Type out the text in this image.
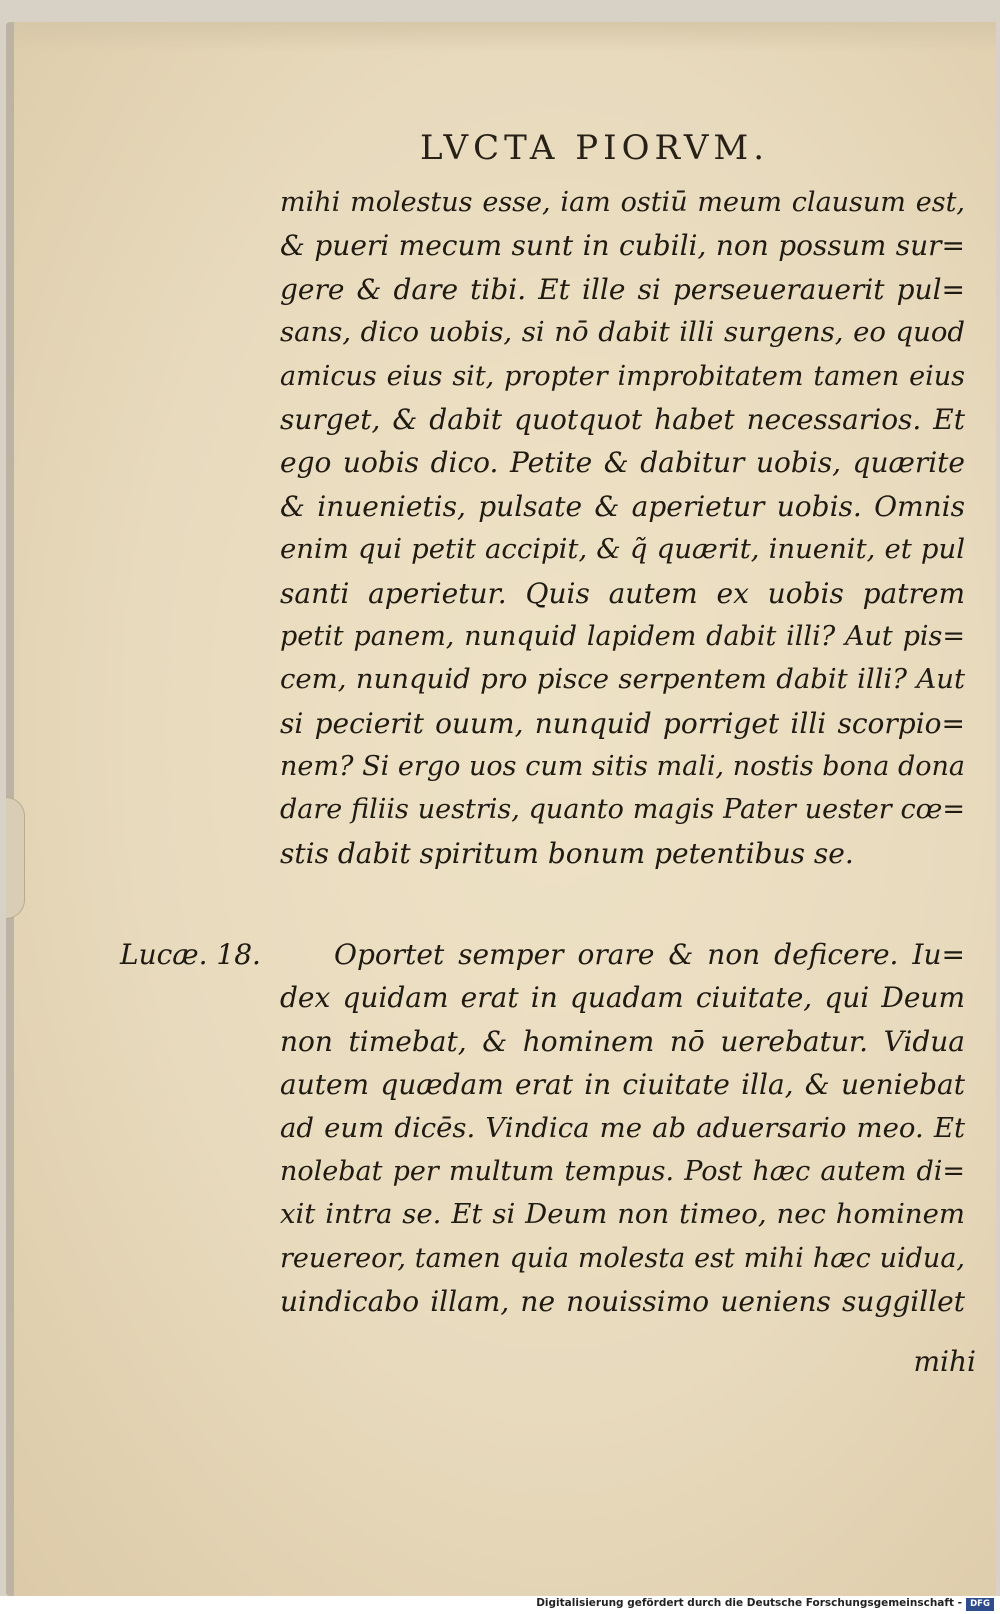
LVCTA PIORVM.
mihi molestus esse, iam ostiū meum clausum est,
& pueri mecum sunt in cubili, non possum sur=
gere & dare tibi. Et ille si perseuerauerit pul=
sans, dico uobis, si nō dabit illi surgens, eo quod
amicus eius sit, propter improbitatem tamen eius
surget, & dabit quotquot habet necessarios. Et
ego uobis dico. Petite & dabitur uobis, quærite
& inuenietis, pulsate & aperietur uobis. Omnis
enim qui petit accipit, & q̃ quærit, inuenit, et pul
santi aperietur. Quis autem ex uobis patrem
petit panem, nunquid lapidem dabit illi? Aut pis=
cem, nunquid pro pisce serpentem dabit illi? Aut
si pecierit ouum, nunquid porriget illi scorpio=
nem? Si ergo uos cum sitis mali, nostis bona dona
dare filiis uestris, quanto magis Pater uester cœ=
stis dabit spiritum bonum petentibus se.
Lucæ. 18.	Oportet semper orare & non deficere. Iu=
dex quidam erat in quadam ciuitate, qui Deum
non timebat, & hominem nō uerebatur. Vidua
autem quædam erat in ciuitate illa, & ueniebat
ad eum dicēs. Vindica me ab aduersario meo. Et
nolebat per multum tempus. Post hæc autem di=
xit intra se. Et si Deum non timeo, nec hominem
reuereor, tamen quia molesta est mihi hæc uidua,
uindicabo illam, ne nouissimo ueniens suggillet
mihi
Digitalisierung gefördert durch die Deutsche Forschungsgemeinschaft - DFG
